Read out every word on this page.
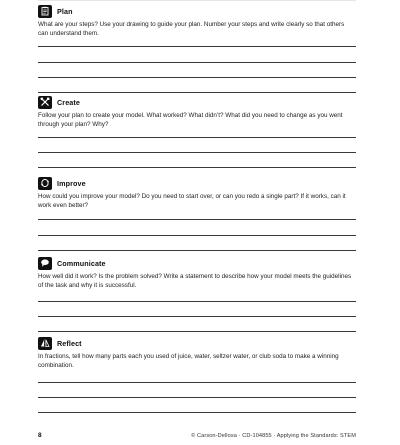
Plan

What are your steps? Use your drawing to guide your plan. Number your steps and write clearly so that others can understand them.

Create

Follow your plan to create your model. What worked? What didn’t? What did you need to change as you went through your plan? Why?

Improve

How could you improve your model? Do you need to start over, or can you redo a single part? If it works, can it work even better?

Communicate

How well did it work? Is the problem solved? Write a statement to describe how your model meets the guidelines of the task and why it is successful.

Reflect

In fractions, tell how many parts each you used of juice, water, seltzer water, or club soda to make a winning combination.

8	© Carson-Dellosa · CD-104855 · Applying the Standards: STEM
